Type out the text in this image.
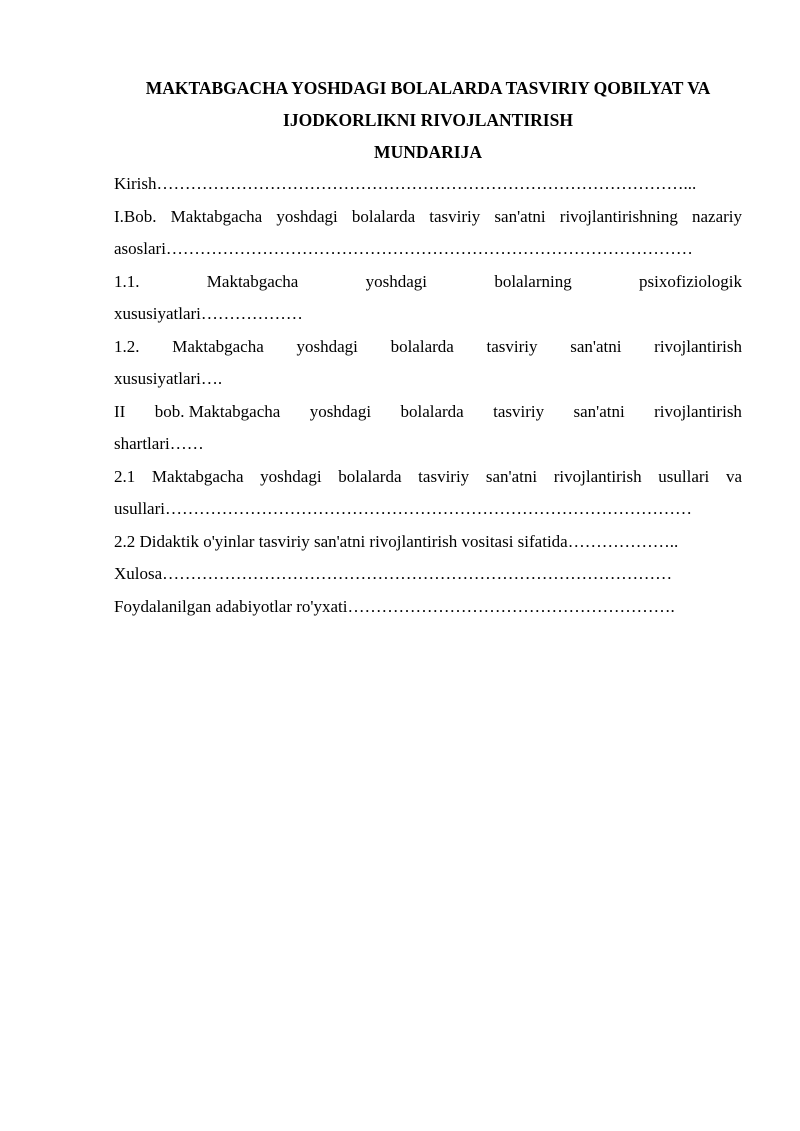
MAKTABGACHA YOSHDAGI BOLALARDA TASVIRIY QOBILYAT VA

IJODKORLIKNI RIVOJLANTIRISH

MUNDARIJA

Kirish…………………………………………………………………………………...
I.Bob. Maktabgacha yoshdagi bolalarda tasviriy san'atni rivojlantirishning nazariy
asoslari…………………………………………………………………………………
1.1.	Maktabgacha	yoshdagi	bolalarning	psixofiziologik
xususiyatlari………………
1.2. Maktabgacha yoshdagi bolalarda tasviriy san'atni rivojlantirish
xususiyatlari….
II bob. Maktabgacha yoshdagi bolalarda tasviriy san'atni rivojlantirish
shartlari……
2.1 Maktabgacha yoshdagi bolalarda tasviriy san'atni rivojlantirish usullari va
usullari…………………………………………………………………………………
2.2 Didaktik o'yinlar tasviriy san'atni rivojlantirish vositasi sifatida………………..
Xulosa………………………………………………………………………………
Foydalanilgan adabiyotlar ro'yxati………………………………………………….
